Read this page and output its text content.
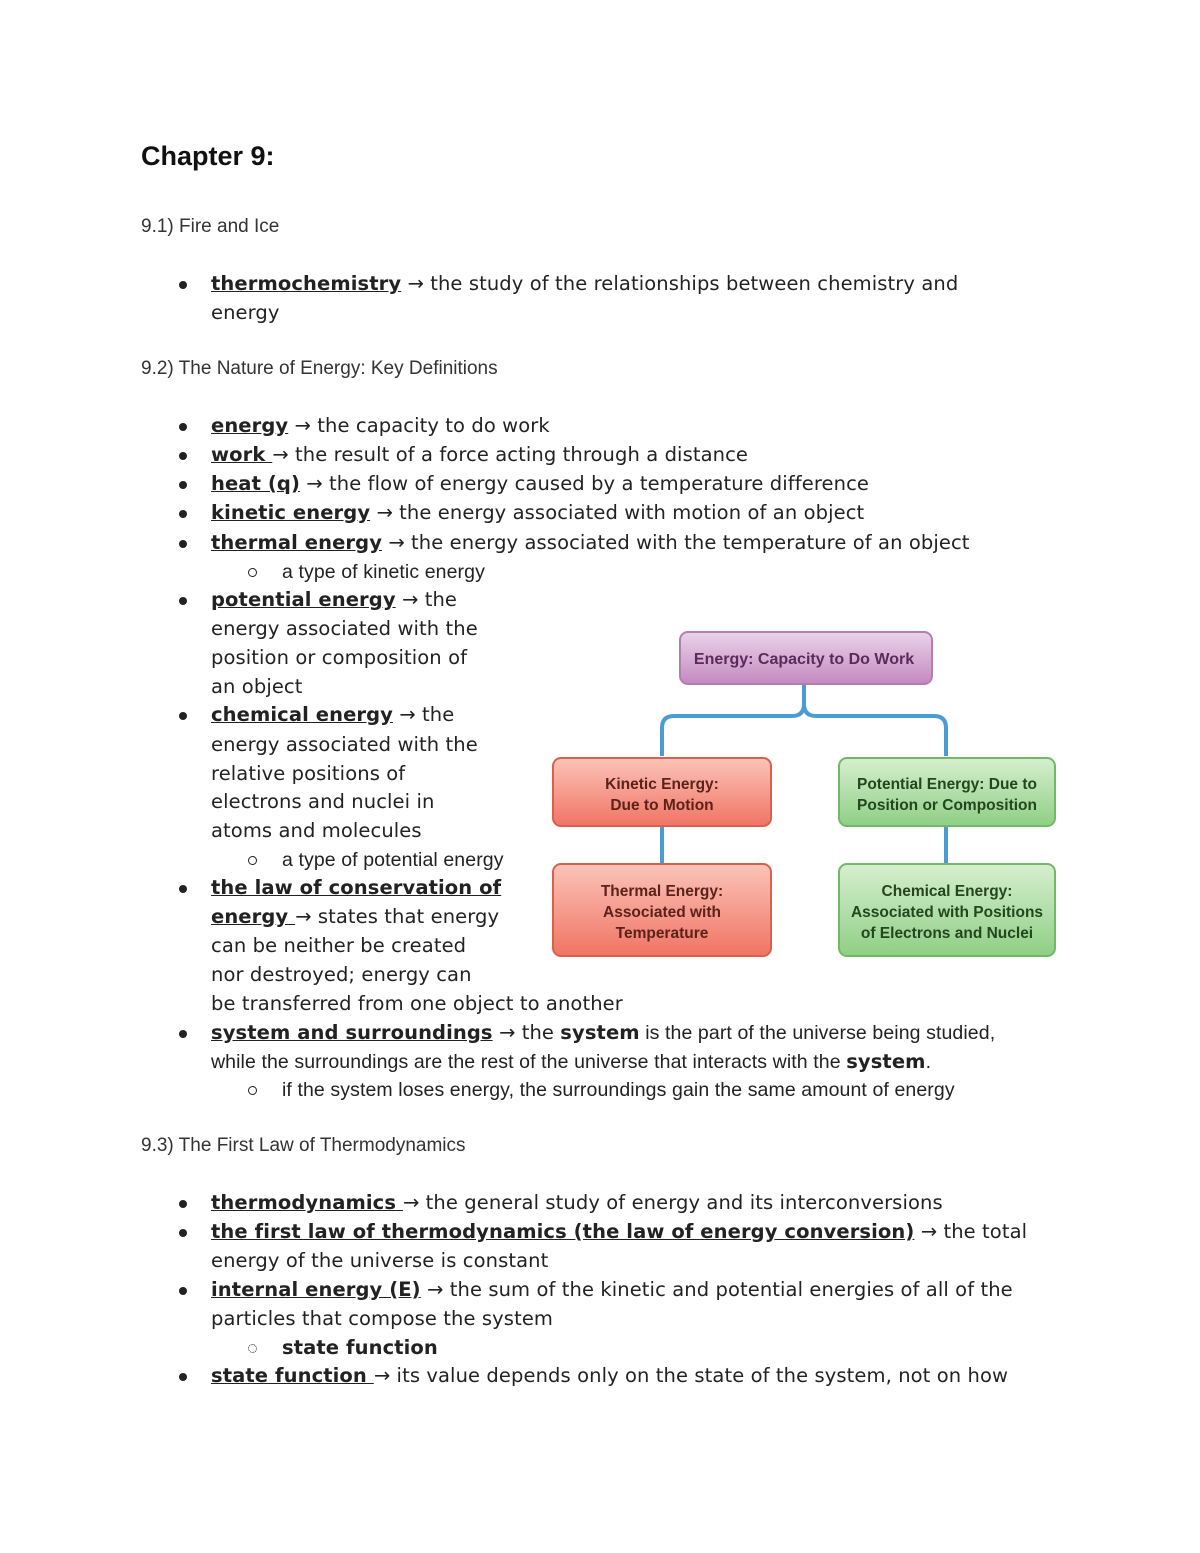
Chapter 9:
9.1) Fire and Ice
thermochemistry → the study of the relationships between chemistry and
energy
9.2) The Nature of Energy: Key Definitions
energy → the capacity to do work
work → the result of a force acting through a distance
heat (q) → the flow of energy caused by a temperature difference
kinetic energy → the energy associated with motion of an object
thermal energy → the energy associated with the temperature of an object
a type of kinetic energy
potential energy → the
energy associated with the
position or composition of
an object
chemical energy → the
energy associated with the
relative positions of
electrons and nuclei in
atoms and molecules
a type of potential energy
the law of conservation of
energy → states that energy
can be neither be created
nor destroyed; energy can
be transferred from one object to another
system and surroundings → the system is the part of the universe being studied,
while the surroundings are the rest of the universe that interacts with the system.
if the system loses energy, the surroundings gain the same amount of energy
Energy: Capacity to Do Work
Kinetic Energy:
Due to Motion
Potential Energy: Due to
Position or Composition
Thermal Energy:
Associated with
Temperature
Chemical Energy:
Associated with Positions
of Electrons and Nuclei
9.3) The First Law of Thermodynamics
thermodynamics → the general study of energy and its interconversions
the first law of thermodynamics (the law of energy conversion) → the total
energy of the universe is constant
internal energy (E) → the sum of the kinetic and potential energies of all of the
particles that compose the system
state function
state function → its value depends only on the state of the system, not on how
